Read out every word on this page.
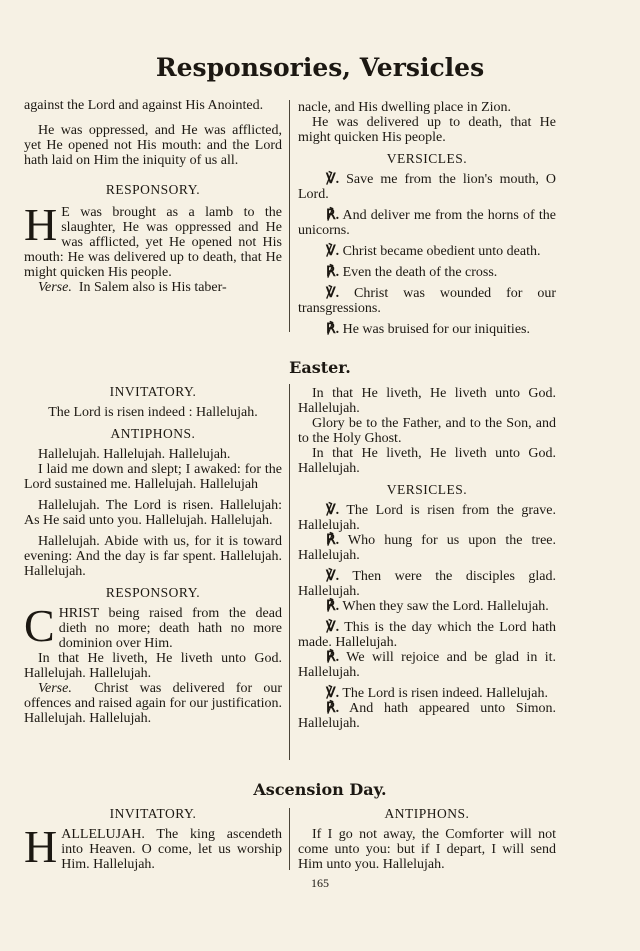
Responsories, Versicles

against the Lord and against His Anointed.

He was oppressed, and He was afflicted, yet He opened not His mouth: and the Lord hath laid on Him the iniquity of us all.

RESPONSORY.

H E was brought as a lamb to the slaughter, He was oppressed and He was afflicted, yet He opened not His mouth: He was delivered up to death, that He might quicken His people.

Verse. In Salem also is His taber-

nacle, and His dwelling place in Zion.

He was delivered up to death, that He might quicken His people.

VERSICLES.

℣. Save me from the lion's mouth, O Lord.

℟. And deliver me from the horns of the unicorns.

℣. Christ became obedient unto death.

℟. Even the death of the cross.

℣. Christ was wounded for our transgressions.

℟. He was bruised for our iniquities.

Easter.

INVITATORY.

The Lord is risen indeed : Hallelujah.

ANTIPHONS.

Hallelujah. Hallelujah. Hallelujah.

I laid me down and slept; I awaked: for the Lord sustained me. Hallelujah. Hallelujah

Hallelujah. The Lord is risen. Hallelujah: As He said unto you. Hallelujah. Hallelujah.

Hallelujah. Abide with us, for it is toward evening: And the day is far spent. Hallelujah. Hallelujah.

RESPONSORY.

CHRIST being raised from the dead dieth no more; death hath no more dominion over Him.

In that He liveth, He liveth unto God. Hallelujah. Hallelujah.

Verse. Christ was delivered for our offences and raised again for our justification. Hallelujah. Hallelujah.

In that He liveth, He liveth unto God. Hallelujah.

Glory be to the Father, and to the Son, and to the Holy Ghost.

In that He liveth, He liveth unto God. Hallelujah.

VERSICLES.

℣. The Lord is risen from the grave. Hallelujah.

℟. Who hung for us upon the tree. Hallelujah.

℣. Then were the disciples glad. Hallelujah.

℟. When they saw the Lord. Hallelujah.

℣. This is the day which the Lord hath made. Hallelujah.

℟. We will rejoice and be glad in it. Hallelujah.

℣. The Lord is risen indeed. Hallelujah.

℟. And hath appeared unto Simon. Hallelujah.

Ascension Day.

INVITATORY.

HALLELUJAH. The king ascendeth into Heaven. O come, let us worship Him. Hallelujah.

ANTIPHONS.

If I go not away, the Comforter will not come unto you: but if I depart, I will send Him unto you. Hallelujah.

165
